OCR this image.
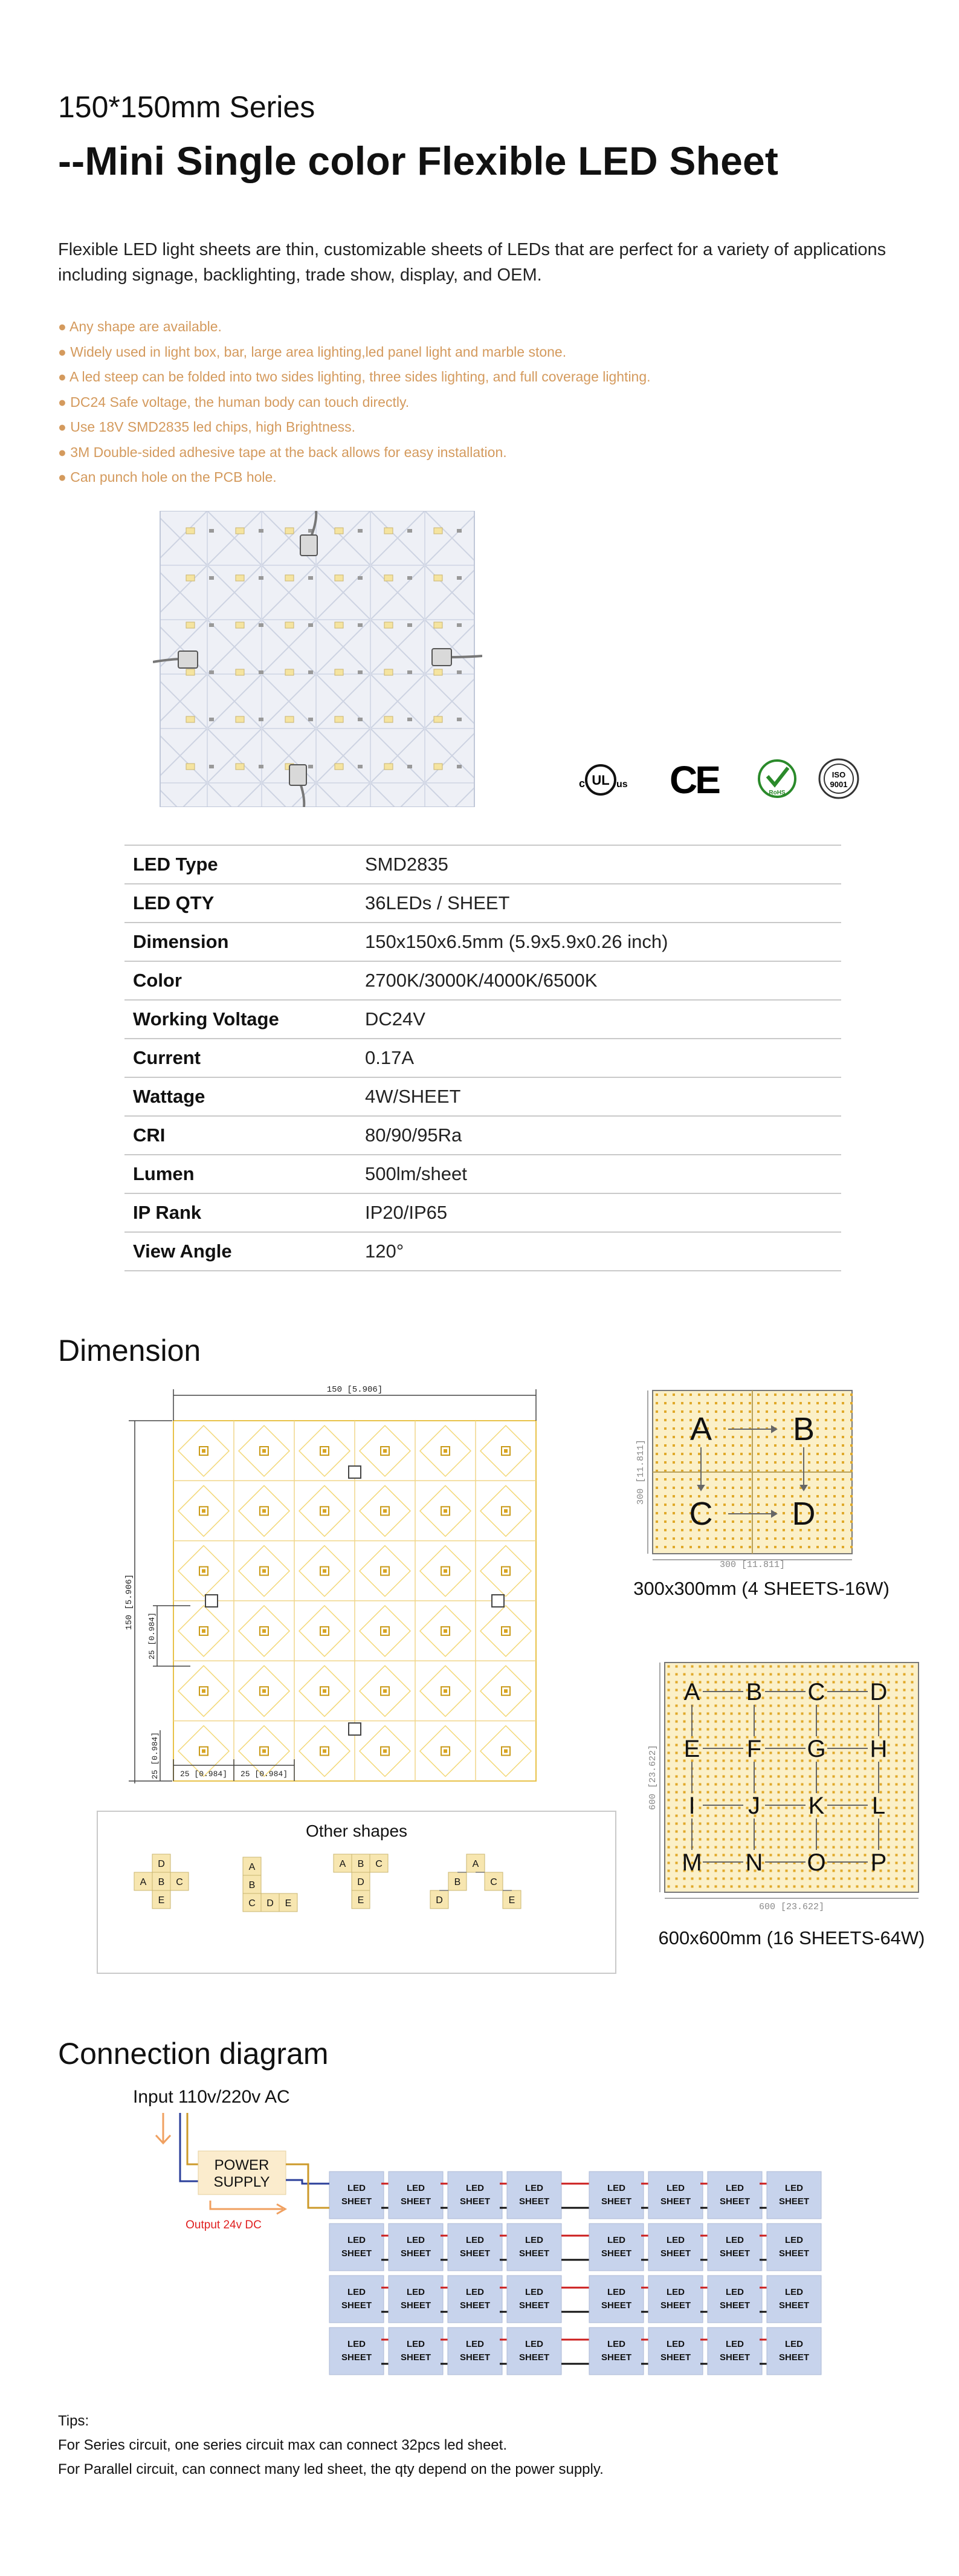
150*150mm Series
--Mini Single color Flexible LED Sheet

Flexible LED light sheets are thin, customizable sheets of LEDs that are perfect for a variety of applications including signage, backlighting, trade show, display, and OEM.

● Any shape are available.
● Widely used in light box, bar, large area lighting,led panel light and marble stone.
● A led steep can be folded into two sides lighting, three sides lighting, and full coverage lighting.
● DC24 Safe voltage, the human body can touch directly.
● Use 18V SMD2835 led chips, high Brightness.
● 3M Double-sided adhesive tape at the back allows for easy installation.
● Can punch hole on the PCB hole.
c UL us CE	RoHS
ISO
9001
LED Type	SMD2835
LED QTY	36LEDs / SHEET
Dimension	150x150x6.5mm (5.9x5.9x0.26 inch)
Color	2700K/3000K/4000K/6500K
Working Voltage	DC24V
Current	0.17A
Wattage	4W/SHEET
CRI	80/90/95Ra
Lumen	500lm/sheet
IP Rank	IP20/IP65
View Angle	120°
Dimension
150 [5.906]
150 [5.906]
25 [0.984]
25 [0.984]	25 [0.984] 25 [0.984]
A B
C D
300 [11.811]
300 [11.811]
300x300mm (4 SHEETS-16W)
A B C D
E F G H
I J K L
M N O P
600 [23.622]
600 [23.622]
600x600mm (16 SHEETS-64W)
Other shapes
D
A B C
E
A
B
C D E
A B C
D
E
A
B	C
D	E
Connection diagram
Input 110v/220v AC
POWER
SUPPLY
Output 24v DC
LED
SHEET
LED
SHEET
LED
SHEET
LED
SHEET
LED
SHEET
LED
SHEET
LED
SHEET
LED
SHEET
LED
SHEET
LED
SHEET
LED
SHEET
LED
SHEET
LED
SHEET
LED
SHEET
LED
SHEET
LED
SHEET
LED
SHEET
LED
SHEET
LED
SHEET
LED
SHEET
LED
SHEET
LED
SHEET
LED
SHEET
LED
SHEET
LED
SHEET
LED
SHEET
LED
SHEET
LED
SHEET
LED
SHEET
LED
SHEET
LED
SHEET
LED
SHEET
Tips:
For Series circuit, one series circuit max can connect 32pcs led sheet.
For Parallel circuit, can connect many led sheet, the qty depend on the power supply.
